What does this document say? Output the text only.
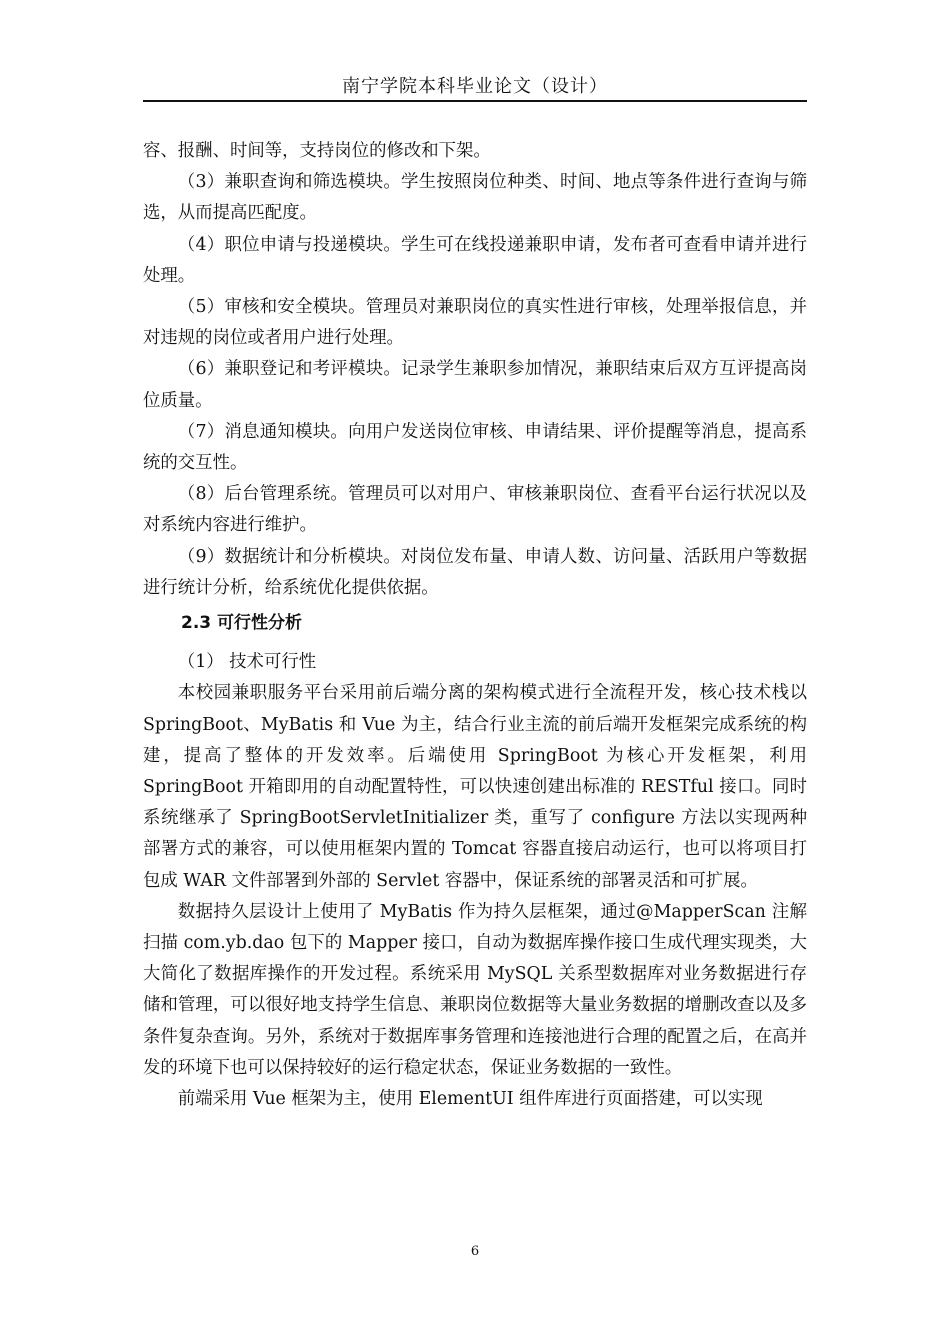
南宁学院本科毕业论文（设计）

容、报酬、时间等，支持岗位的修改和下架。

（3）兼职查询和筛选模块。学生按照岗位种类、时间、地点等条件进行查询与筛选，从而提高匹配度。

（4）职位申请与投递模块。学生可在线投递兼职申请，发布者可查看申请并进行处理。

（5）审核和安全模块。管理员对兼职岗位的真实性进行审核，处理举报信息，并对违规的岗位或者用户进行处理。

（6）兼职登记和考评模块。记录学生兼职参加情况，兼职结束后双方互评提高岗位质量。

（7）消息通知模块。向用户发送岗位审核、申请结果、评价提醒等消息，提高系统的交互性。

（8）后台管理系统。管理员可以对用户、审核兼职岗位、查看平台运行状况以及对系统内容进行维护。

（9）数据统计和分析模块。对岗位发布量、申请人数、访问量、活跃用户等数据进行统计分析，给系统优化提供依据。

2.3 可行性分析

（1） 技术可行性

本校园兼职服务平台采用前后端分离的架构模式进行全流程开发，核心技术栈以 SpringBoot、MyBatis 和 Vue 为主，结合行业主流的前后端开发框架完成系统的构建，提高了整体的开发效率。后端使用 SpringBoot 为核心开发框架，利用 SpringBoot 开箱即用的自动配置特性，可以快速创建出标准的 RESTful 接口。同时系统继承了 SpringBootServletInitializer 类，重写了 configure 方法以实现两种部署方式的兼容，可以使用框架内置的 Tomcat 容器直接启动运行，也可以将项目打包成 WAR 文件部署到外部的 Servlet 容器中，保证系统的部署灵活和可扩展。

数据持久层设计上使用了 MyBatis 作为持久层框架，通过@MapperScan 注解扫描 com.yb.dao 包下的 Mapper 接口，自动为数据库操作接口生成代理实现类，大大简化了数据库操作的开发过程。系统采用 MySQL 关系型数据库对业务数据进行存储和管理，可以很好地支持学生信息、兼职岗位数据等大量业务数据的增删改查以及多条件复杂查询。另外，系统对于数据库事务管理和连接池进行合理的配置之后，在高并发的环境下也可以保持较好的运行稳定状态，保证业务数据的一致性。

前端采用 Vue 框架为主，使用 ElementUI 组件库进行页面搭建，可以实现

6
